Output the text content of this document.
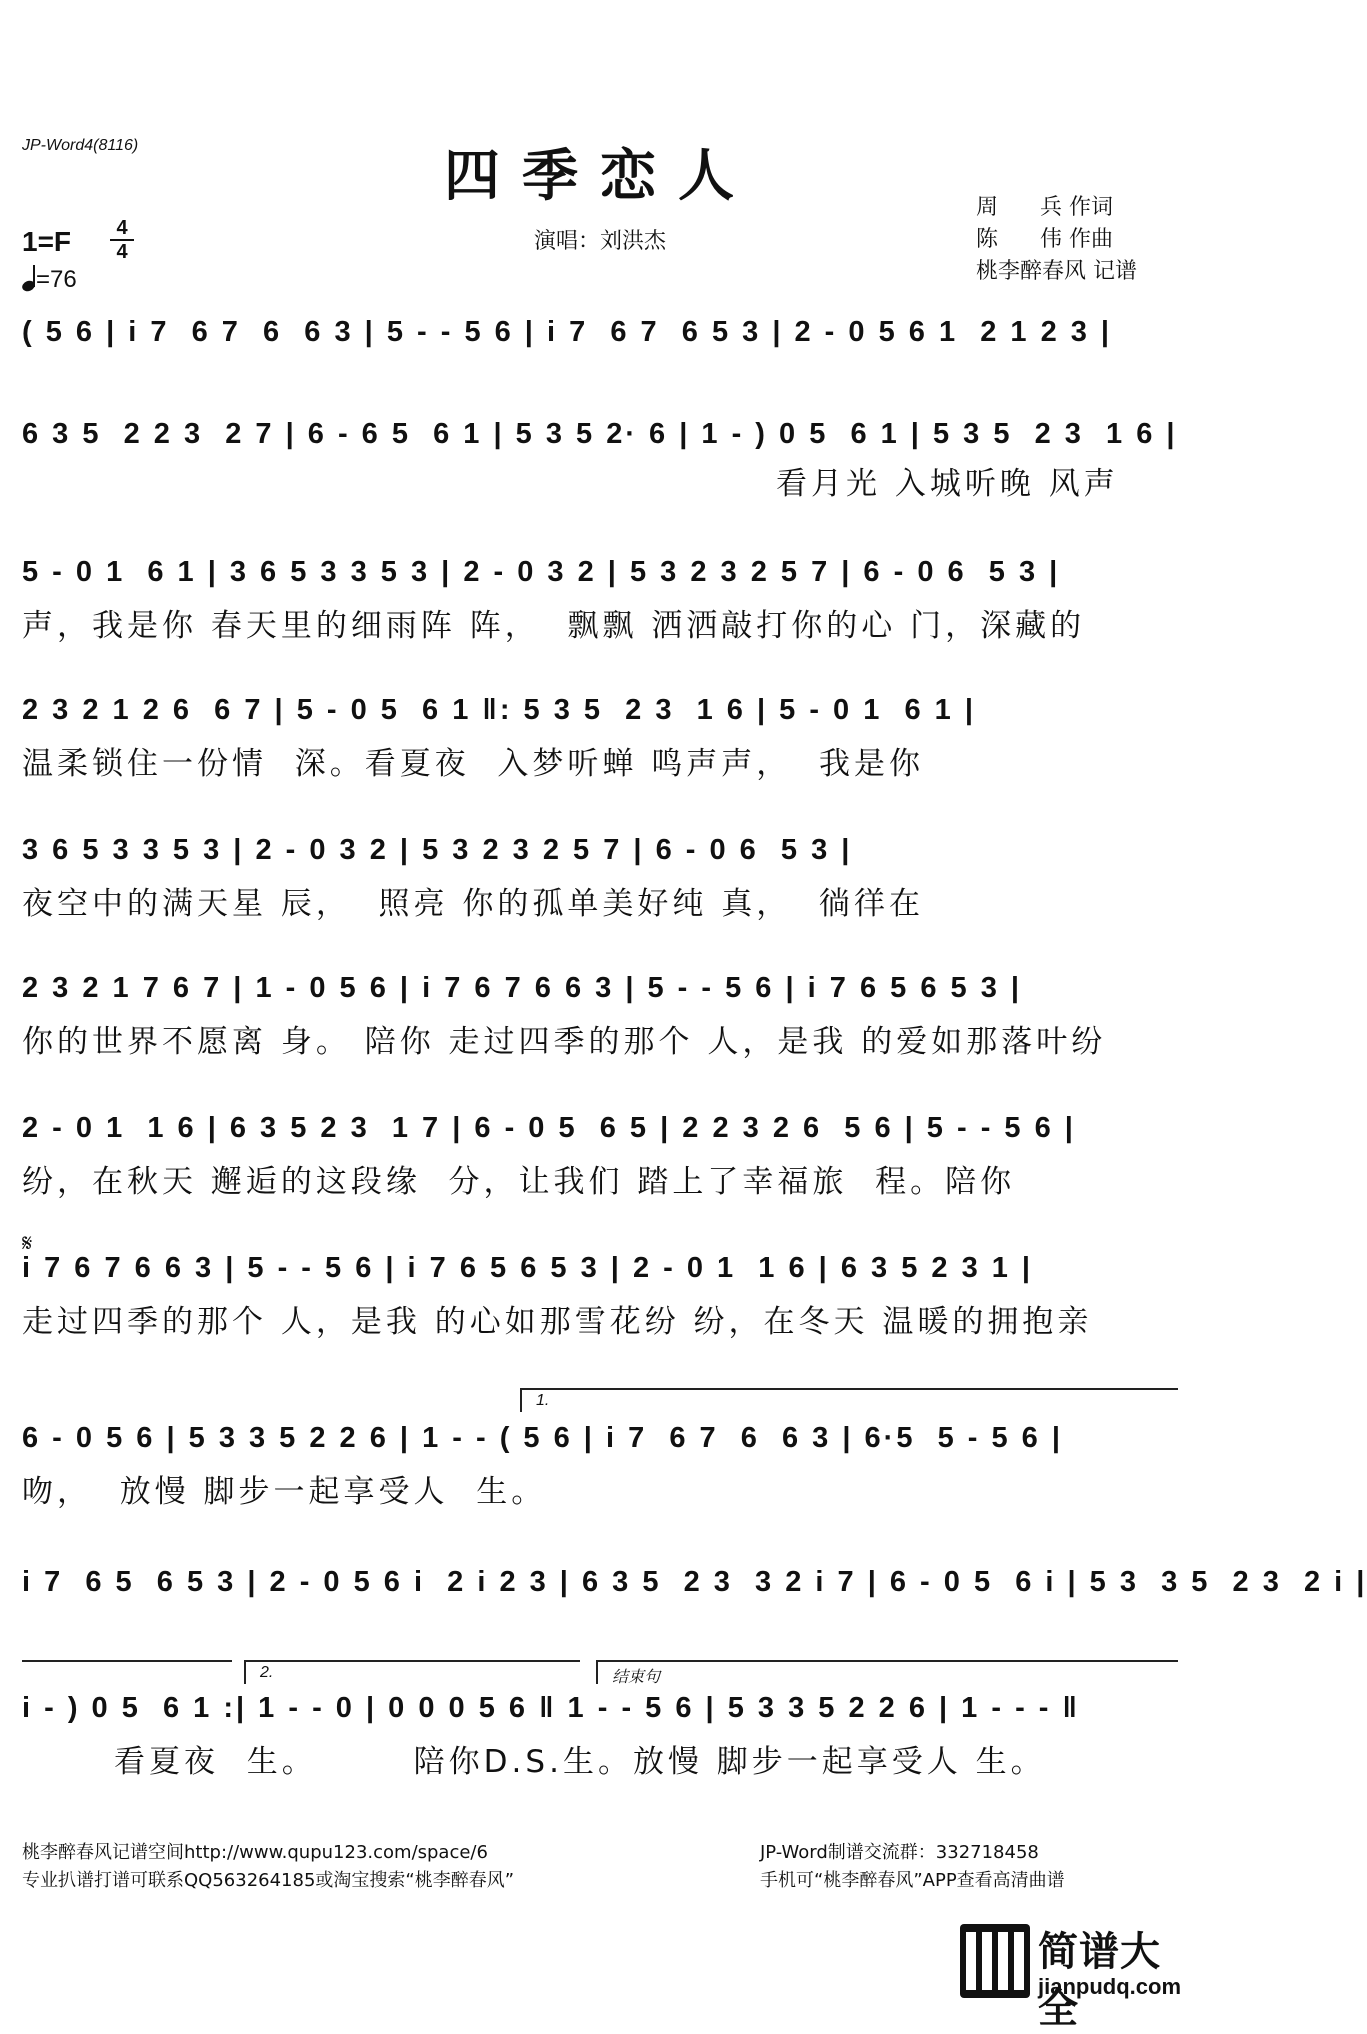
JP-Word4(8116)	四季恋人
演唱：刘洪杰
周      兵 作词
陈      伟 作曲
桃李醉春风 记谱
1=F	4
4
=76
( 5 6 | i 7  6 7  6  6 3 | 5 - - 5 6 | i 7  6 7  6 5 3 | 2 - 0 5 6 1  2 1 2 3 |
6 3 5  2 2 3  2 7 | 6 - 6 5  6 1 | 5 3 5 2· 6 | 1 - ) 0 5  6 1 | 5 3 5  2 3  1 6 |
看月光 入城听晚 风声
5 - 0 1  6 1 | 3 6 5 3 3 5 3 | 2 - 0 3 2 | 5 3 2 3 2 5 7 | 6 - 0 6  5 3 |
声，我是你 春天里的细雨阵 阵，  飘飘 洒洒敲打你的心 门，深藏的
2 3 2 1 2 6  6 7 | 5 - 0 5  6 1 ‖: 5 3 5  2 3  1 6 | 5 - 0 1  6 1 |
温柔锁住一份情  深。看夏夜  入梦听蝉 鸣声声，  我是你
3 6 5 3 3 5 3 | 2 - 0 3 2 | 5 3 2 3 2 5 7 | 6 - 0 6  5 3 |
夜空中的满天星 辰，  照亮 你的孤单美好纯 真，  徜徉在
2 3 2 1 7 6 7 | 1 - 0 5 6 | i 7 6 7 6 6 3 | 5 - - 5 6 | i 7 6 5 6 5 3 |
你的世界不愿离 身。 陪你 走过四季的那个 人，是我 的爱如那落叶纷
2 - 0 1  1 6 | 6 3 5 2 3  1 7 | 6 - 0 5  6 5 | 2 2 3 2 6  5 6 | 5 - - 5 6 |
纷，在秋天 邂逅的这段缘  分，让我们 踏上了幸福旅  程。陪你
𝄋
i 7 6 7 6 6 3 | 5 - - 5 6 | i 7 6 5 6 5 3 | 2 - 0 1  1 6 | 6 3 5 2 3 1 |
走过四季的那个 人，是我 的心如那雪花纷 纷，在冬天 温暖的拥抱亲
1.
6 - 0 5 6 | 5 3 3 5 2 2 6 | 1 - - ( 5 6 | i 7  6 7  6  6 3 | 6·5  5 - 5 6 |
吻，  放慢 脚步一起享受人  生。
i 7  6 5  6 5 3 | 2 - 0 5 6 i  2 i 2 3 | 6 3 5  2 3  3 2 i 7 | 6 - 0 5  6 i | 5 3  3 5  2 3  2 i |
2.	结束句
i - ) 0 5  6 1 :| 1 - - 0 | 0 0 0 5 6 ‖ 1 - - 5 6 | 5 3 3 5 2 2 6 | 1 - - - ‖
看夏夜  生。       陪你D.S.生。放慢 脚步一起享受人 生。
桃李醉春风记谱空间http://www.qupu123.com/space/6
专业扒谱打谱可联系QQ563264185或淘宝搜索“桃李醉春风”
JP-Word制谱交流群：332718458
手机可“桃李醉春风”APP查看高清曲谱
简谱大全
jianpudq.com
